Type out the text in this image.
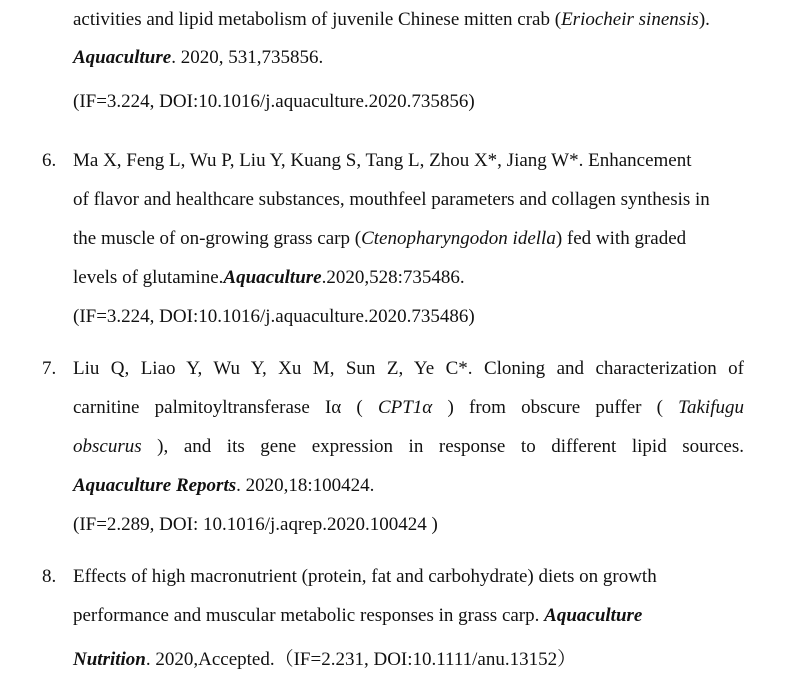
activities and lipid metabolism of juvenile Chinese mitten crab (Eriocheir sinensis).
Aquaculture. 2020, 531,735856.
(IF=3.224, DOI:10.1016/j.aquaculture.2020.735856)
6. Ma X, Feng L, Wu P, Liu Y, Kuang S, Tang L, Zhou X*, Jiang W*. Enhancement
of flavor and healthcare substances, mouthfeel parameters and collagen synthesis in
the muscle of on-growing grass carp (Ctenopharyngodon idella) fed with graded
levels of glutamine.Aquaculture.2020,528:735486.
(IF=3.224, DOI:10.1016/j.aquaculture.2020.735486)
7. Liu Q, Liao Y, Wu Y, Xu M, Sun Z, Ye C*. Cloning and characterization of
carnitine palmitoyltransferase Iα ( CPT1α ) from obscure puffer ( Takifugu
obscurus ), and its gene expression in response to different lipid sources.
Aquaculture Reports. 2020,18:100424.
(IF=2.289, DOI: 10.1016/j.aqrep.2020.100424 )
8. Effects of high macronutrient (protein, fat and carbohydrate) diets on growth
performance and muscular metabolic responses in grass carp. Aquaculture
Nutrition. 2020,Accepted.（IF=2.231, DOI:10.1111/anu.13152）
